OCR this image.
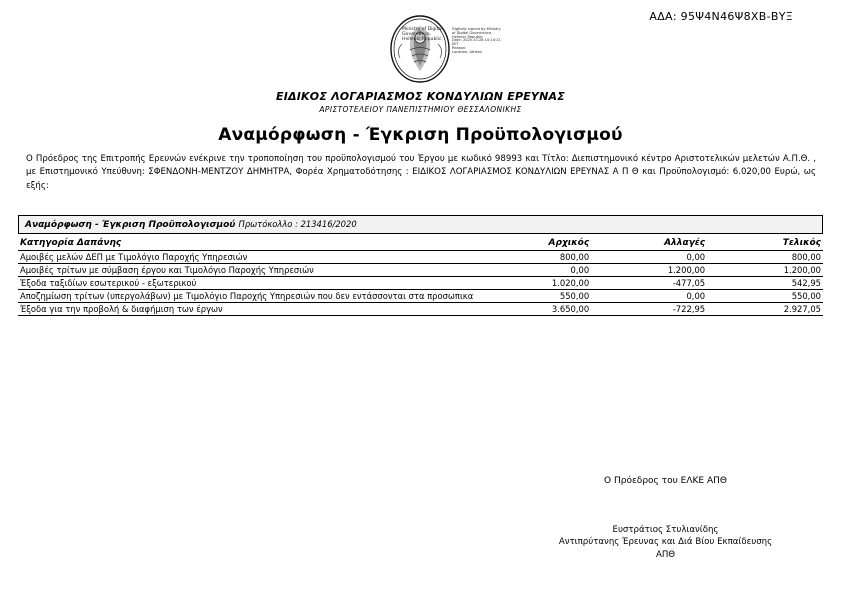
ΑΔΑ: 95Ψ4Ν46Ψ8ΧΒ-ΒΥΞ
Ministry of Digital
Governance,
Hellenic Republic
Digitally signed by Ministry
of Digital Governance,
Hellenic Republic
Date: 2020.10.28 10:14:21
EET
Reason:
Location: Athens
ΕΙΔΙΚΟΣ ΛΟΓΑΡΙΑΣΜΟΣ ΚΟΝΔΥΛΙΩΝ ΕΡΕΥΝΑΣ
ΑΡΙΣΤΟΤΕΛΕΙΟΥ ΠΑΝΕΠΙΣΤΗΜΙΟΥ ΘΕΣΣΑΛΟΝΙΚΗΣ
Αναμόρφωση - Έγκριση Προϋπολογισμού
Ο Πρόεδρος της Επιτροπής Ερευνών ενέκρινε την τροποποίηση του προϋπολογισμού του Έργου με κωδικό 98993 και Τίτλο: Διεπιστημονικό κέντρο Αριστοτελικών μελετών Α.Π.Θ. , με Επιστημονικό Υπεύθυνη: ΣΦΕΝΔΟΝΗ-ΜΕΝΤΖΟΥ ΔΗΜΗΤΡΑ, Φορέα Χρηματοδότησης : ΕΙΔΙΚΟΣ ΛΟΓΑΡΙΑΣΜΟΣ ΚΟΝΔΥΛΙΩΝ ΕΡΕΥΝΑΣ Α Π Θ και Προϋπολογισμό: 6.020,00 Ευρώ, ως εξής:
Αναμόρφωση - Έγκριση Προϋπολογισμού Πρωτόκολλο : 213416/2020
Κατηγορία Δαπάνης	Αρχικός	Αλλαγές	Τελικός
Αμοιβές μελών ΔΕΠ με Τιμολόγιο Παροχής Υπηρεσιών	800,00	0,00	800,00
Αμοιβές τρίτων με σύμβαση έργου και Τιμολόγιο Παροχής Υπηρεσιών	0,00	1.200,00	1.200,00
Έξοδα ταξιδίων εσωτερικού - εξωτερικού	1.020,00	-477,05	542,95
Αποζημίωση τρίτων (υπεργολάβων) με Τιμολόγιο Παροχής Υπηρεσιών που δεν εντάσσονται στα προσωπικα	550,00	0,00	550,00
Έξοδα για την προβολή & διαφήμιση των έργων	3.650,00	-722,95	2.927,05
Ο Πρόεδρος του ΕΛΚΕ ΑΠΘ
Ευστράτιος Στυλιανίδης
Αντιπρύτανης Έρευνας και Διά Βίου Εκπαίδευσης
ΑΠΘ
